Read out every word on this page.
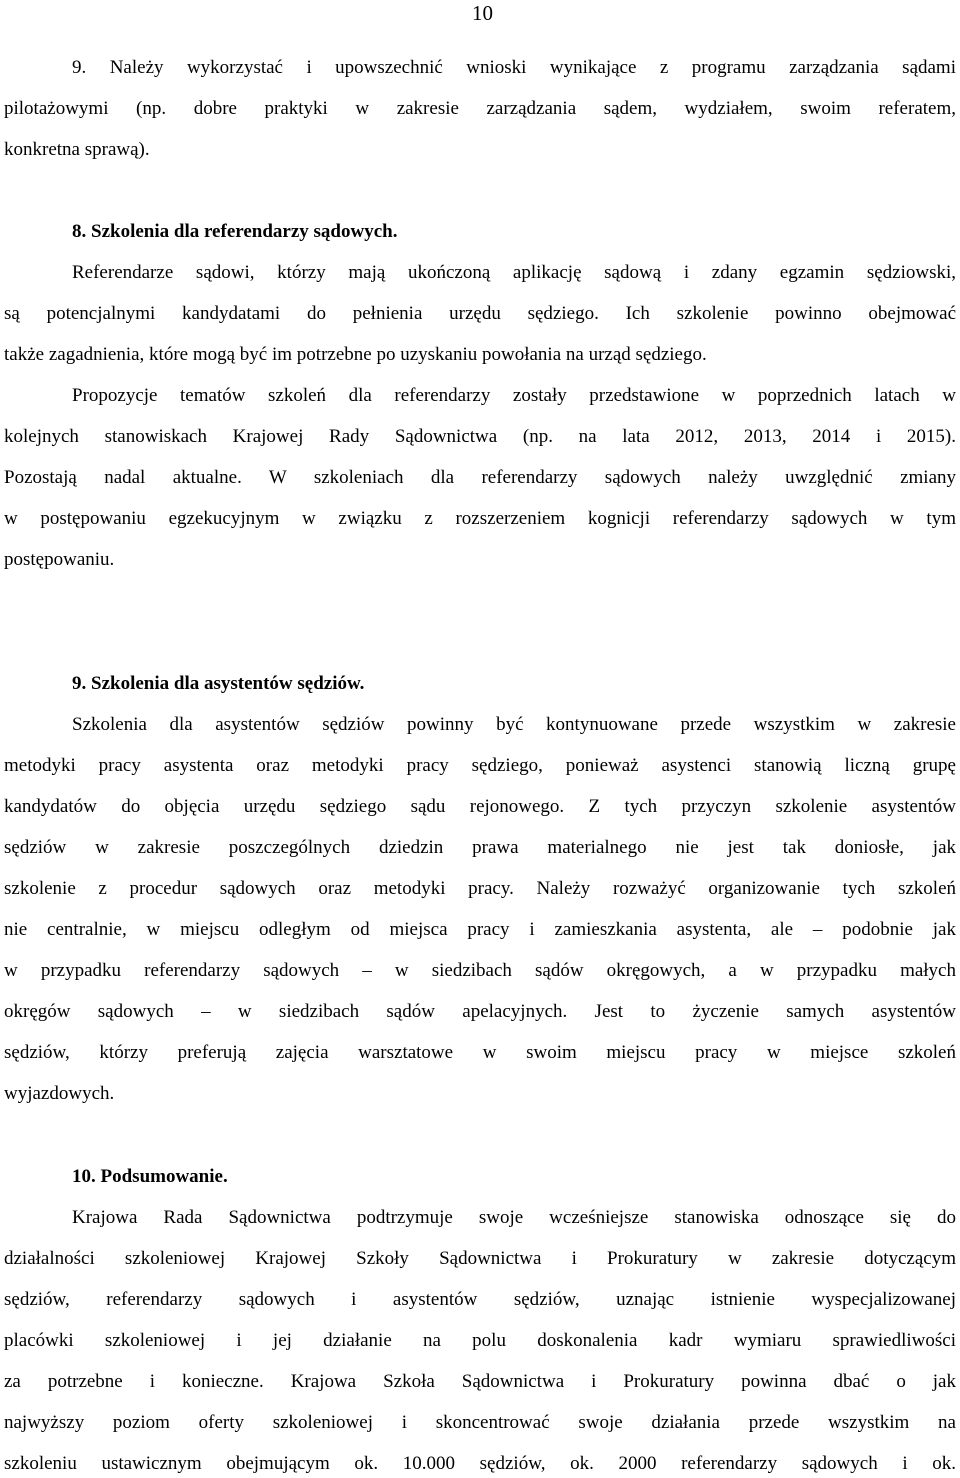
10
9. Należy wykorzystać i upowszechnić wnioski wynikające z programu zarządzania sądami
pilotażowymi (np. dobre praktyki w zakresie zarządzania sądem, wydziałem, swoim referatem,
konkretna sprawą).
8. Szkolenia dla referendarzy sądowych.
Referendarze sądowi, którzy mają ukończoną aplikację sądową i zdany egzamin sędziowski,
są potencjalnymi kandydatami do pełnienia urzędu sędziego. Ich szkolenie powinno obejmować
także zagadnienia, które mogą być im potrzebne po uzyskaniu powołania na urząd sędziego.
Propozycje tematów szkoleń dla referendarzy zostały przedstawione w poprzednich latach w
kolejnych stanowiskach Krajowej Rady Sądownictwa (np. na lata 2012, 2013, 2014 i 2015).
Pozostają nadal aktualne. W szkoleniach dla referendarzy sądowych należy uwzględnić zmiany
w postępowaniu egzekucyjnym w związku z rozszerzeniem kognicji referendarzy sądowych w tym
postępowaniu.
9. Szkolenia dla asystentów sędziów.
Szkolenia dla asystentów sędziów powinny być kontynuowane przede wszystkim w zakresie
metodyki pracy asystenta oraz metodyki pracy sędziego, ponieważ asystenci stanowią liczną grupę
kandydatów do objęcia urzędu sędziego sądu rejonowego. Z tych przyczyn szkolenie asystentów
sędziów w zakresie poszczególnych dziedzin prawa materialnego nie jest tak doniosłe, jak
szkolenie z procedur sądowych oraz metodyki pracy. Należy rozważyć organizowanie tych szkoleń
nie centralnie, w miejscu odległym od miejsca pracy i zamieszkania asystenta, ale – podobnie jak
w przypadku referendarzy sądowych – w siedzibach sądów okręgowych, a w przypadku małych
okręgów sądowych – w siedzibach sądów apelacyjnych. Jest to życzenie samych asystentów
sędziów, którzy preferują zajęcia warsztatowe w swoim miejscu pracy w miejsce szkoleń
wyjazdowych.
10. Podsumowanie.
Krajowa Rada Sądownictwa podtrzymuje swoje wcześniejsze stanowiska odnoszące się do
działalności szkoleniowej Krajowej Szkoły Sądownictwa i Prokuratury w zakresie dotyczącym
sędziów, referendarzy sądowych i asystentów sędziów, uznając istnienie wyspecjalizowanej
placówki szkoleniowej i jej działanie na polu doskonalenia kadr wymiaru sprawiedliwości
za potrzebne i konieczne. Krajowa Szkoła Sądownictwa i Prokuratury powinna dbać o jak
najwyższy poziom oferty szkoleniowej i skoncentrować swoje działania przede wszystkim na
szkoleniu ustawicznym obejmującym ok. 10.000 sędziów, ok. 2000 referendarzy sądowych i ok.
